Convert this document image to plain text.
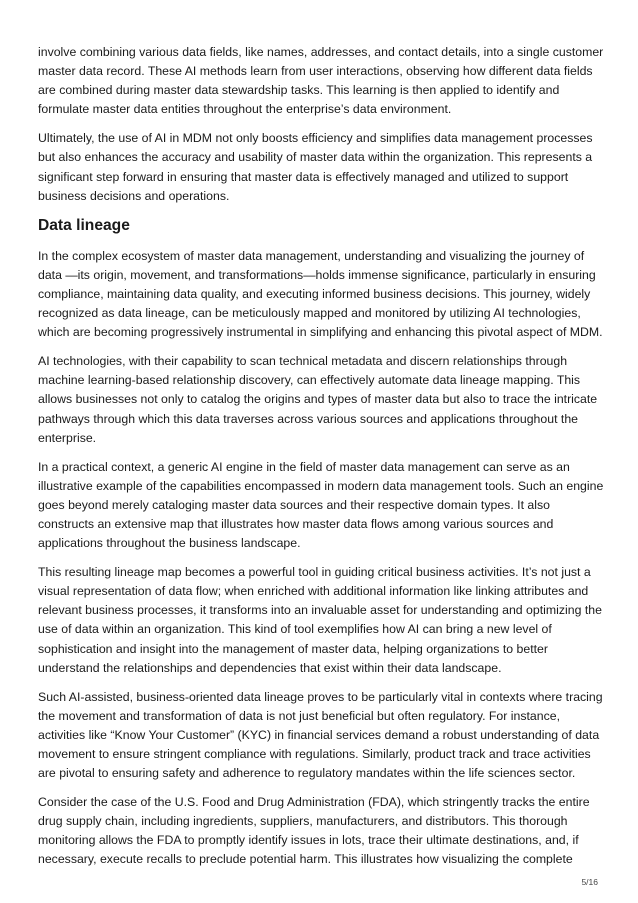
involve combining various data fields, like names, addresses, and contact details, into a single customer master data record. These AI methods learn from user interactions, observing how different data fields are combined during master data stewardship tasks. This learning is then applied to identify and formulate master data entities throughout the enterprise’s data environment.

Ultimately, the use of AI in MDM not only boosts efficiency and simplifies data management processes but also enhances the accuracy and usability of master data within the organization. This represents a significant step forward in ensuring that master data is effectively managed and utilized to support business decisions and operations.

Data lineage

In the complex ecosystem of master data management, understanding and visualizing the journey of data —its origin, movement, and transformations—holds immense significance, particularly in ensuring compliance, maintaining data quality, and executing informed business decisions. This journey, widely recognized as data lineage, can be meticulously mapped and monitored by utilizing AI technologies, which are becoming progressively instrumental in simplifying and enhancing this pivotal aspect of MDM.

AI technologies, with their capability to scan technical metadata and discern relationships through machine learning-based relationship discovery, can effectively automate data lineage mapping. This allows businesses not only to catalog the origins and types of master data but also to trace the intricate pathways through which this data traverses across various sources and applications throughout the enterprise.

In a practical context, a generic AI engine in the field of master data management can serve as an illustrative example of the capabilities encompassed in modern data management tools. Such an engine goes beyond merely cataloging master data sources and their respective domain types. It also constructs an extensive map that illustrates how master data flows among various sources and applications throughout the business landscape.

This resulting lineage map becomes a powerful tool in guiding critical business activities. It’s not just a visual representation of data flow; when enriched with additional information like linking attributes and relevant business processes, it transforms into an invaluable asset for understanding and optimizing the use of data within an organization. This kind of tool exemplifies how AI can bring a new level of sophistication and insight into the management of master data, helping organizations to better understand the relationships and dependencies that exist within their data landscape.

Such AI-assisted, business-oriented data lineage proves to be particularly vital in contexts where tracing the movement and transformation of data is not just beneficial but often regulatory. For instance, activities like “Know Your Customer” (KYC) in financial services demand a robust understanding of data movement to ensure stringent compliance with regulations. Similarly, product track and trace activities are pivotal to ensuring safety and adherence to regulatory mandates within the life sciences sector.

Consider the case of the U.S. Food and Drug Administration (FDA), which stringently tracks the entire drug supply chain, including ingredients, suppliers, manufacturers, and distributors. This thorough monitoring allows the FDA to promptly identify issues in lots, trace their ultimate destinations, and, if necessary, execute recalls to preclude potential harm. This illustrates how visualizing the complete

5/16
